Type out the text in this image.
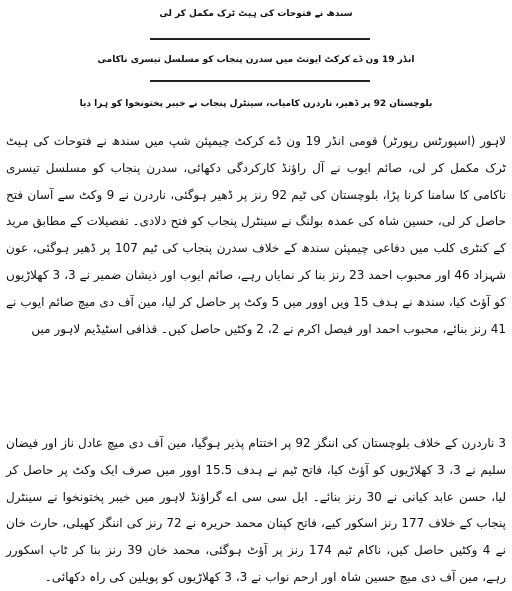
سندھ نے فتوحات کی ہیٹ ٹرک مکمل کر لی
انڈر 19 ون ڈے کرکٹ ایونٹ میں سدرن پنجاب کو مسلسل تیسری ناکامی
بلوچستان 92 پر ڈھیر، ناردرن کامیاب، سینٹرل پنجاب نے خیبر پختونخوا کو ہرا دیا
لاہور (اسپورٹس رپورٹر) قومی انڈر 19 ون ڈے کرکٹ چیمپئن شپ میں سندھ نے فتوحات کی ہیٹ ٹرک مکمل کر لی، صائم ایوب نے آل راؤنڈ کارکردگی دکھائی، سدرن پنجاب کو مسلسل تیسری ناکامی کا سامنا کرنا پڑا، بلوچستان کی ٹیم 92 رنز پر ڈھیر ہوگئی، ناردرن نے 9 وکٹ سے آسان فتح حاصل کر لی، حسین شاہ کی عمدہ بولنگ نے سینٹرل پنجاب کو فتح دلادی۔ تفصیلات کے مطابق مرید کے کنٹری کلب میں دفاعی چیمپئن سندھ کے خلاف سدرن پنجاب کی ٹیم 107 پر ڈھیر ہوگئی، عون شہزاد 46 اور محبوب احمد 23 رنز بنا کر نمایاں رہے، صائم ایوب اور ذیشان ضمیر نے 3، 3 کھلاڑیوں کو آؤٹ کیا، سندھ نے ہدف 15 ویں اوور میں 5 وکٹ پر حاصل کر لیا، مین آف دی میچ صائم ایوب نے 41 رنز بنائے، محبوب احمد اور فیصل اکرم نے 2، 2 وکٹیں حاصل کیں۔ قذافی اسٹیڈیم لاہور میں
3 ناردرن کے خلاف بلوچستان کی اننگز 92 پر اختتام پذیر ہوگیا، مین آف دی میچ عادل ناز اور فیضان سلیم نے 3، 3 کھلاڑیوں کو آؤٹ کیا، فاتح ٹیم نے ہدف 15.5 اوور میں صرف ایک وکٹ پر حاصل کر لیا، حسن عابد کیانی نے 30 رنز بنائے۔ ایل سی سی اے گراؤنڈ لاہور میں خیبر پختونخوا نے سینٹرل پنجاب کے خلاف 177 رنز اسکور کیے، فاتح کپتان محمد حریرہ نے 72 رنز کی اننگز کھیلی، حارث خان نے 4 وکٹیں حاصل کیں، ناکام ٹیم 174 رنز پر آؤٹ ہوگئی، محمد خان 39 رنز بنا کر ٹاپ اسکورر رہے، مین آف دی میچ حسین شاہ اور ارحم نواب نے 3، 3 کھلاڑیوں کو پویلین کی راہ دکھائی۔
